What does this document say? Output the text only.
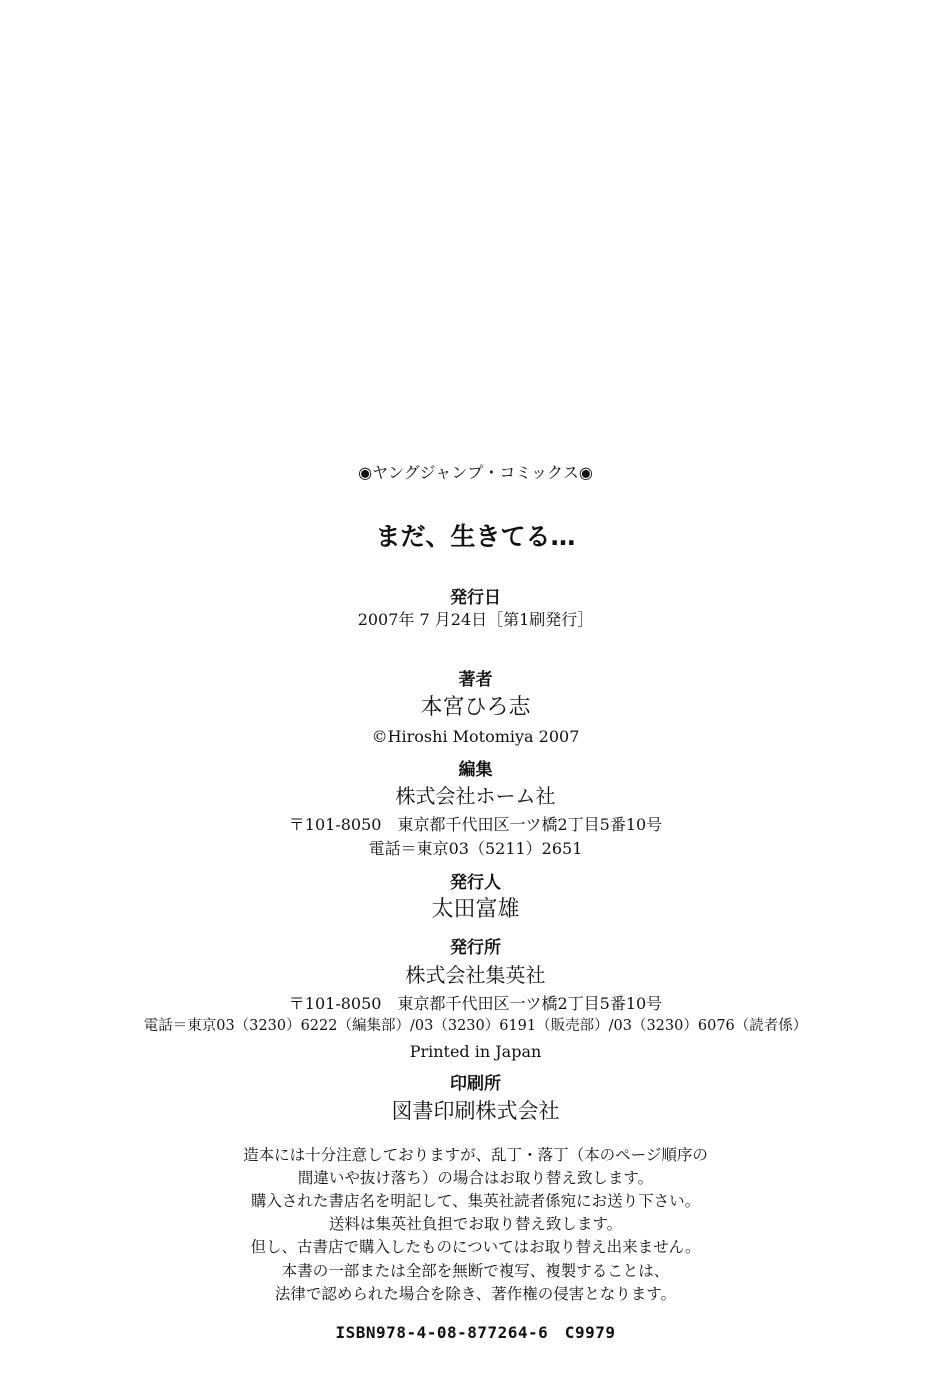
◉ヤングジャンプ・コミックス◉
まだ、生きてる…
発行日
2007年 7 月24日［第1刷発行］
著者
本宮ひろ志
©Hiroshi Motomiya 2007
編集
株式会社ホーム社
〒101-8050　東京都千代田区一ツ橋2丁目5番10号
電話＝東京03（5211）2651
発行人
太田富雄
発行所
株式会社集英社
〒101-8050　東京都千代田区一ツ橋2丁目5番10号
電話＝東京03（3230）6222（編集部）/03（3230）6191（販売部）/03（3230）6076（読者係）
Printed in Japan
印刷所
図書印刷株式会社
造本には十分注意しておりますが、乱丁・落丁（本のページ順序の
間違いや抜け落ち）の場合はお取り替え致します。
購入された書店名を明記して、集英社読者係宛にお送り下さい。
送料は集英社負担でお取り替え致します。
但し、古書店で購入したものについてはお取り替え出来ません。
本書の一部または全部を無断で複写、複製することは、
法律で認められた場合を除き、著作権の侵害となります。
ISBN978-4-08-877264-6　C9979
